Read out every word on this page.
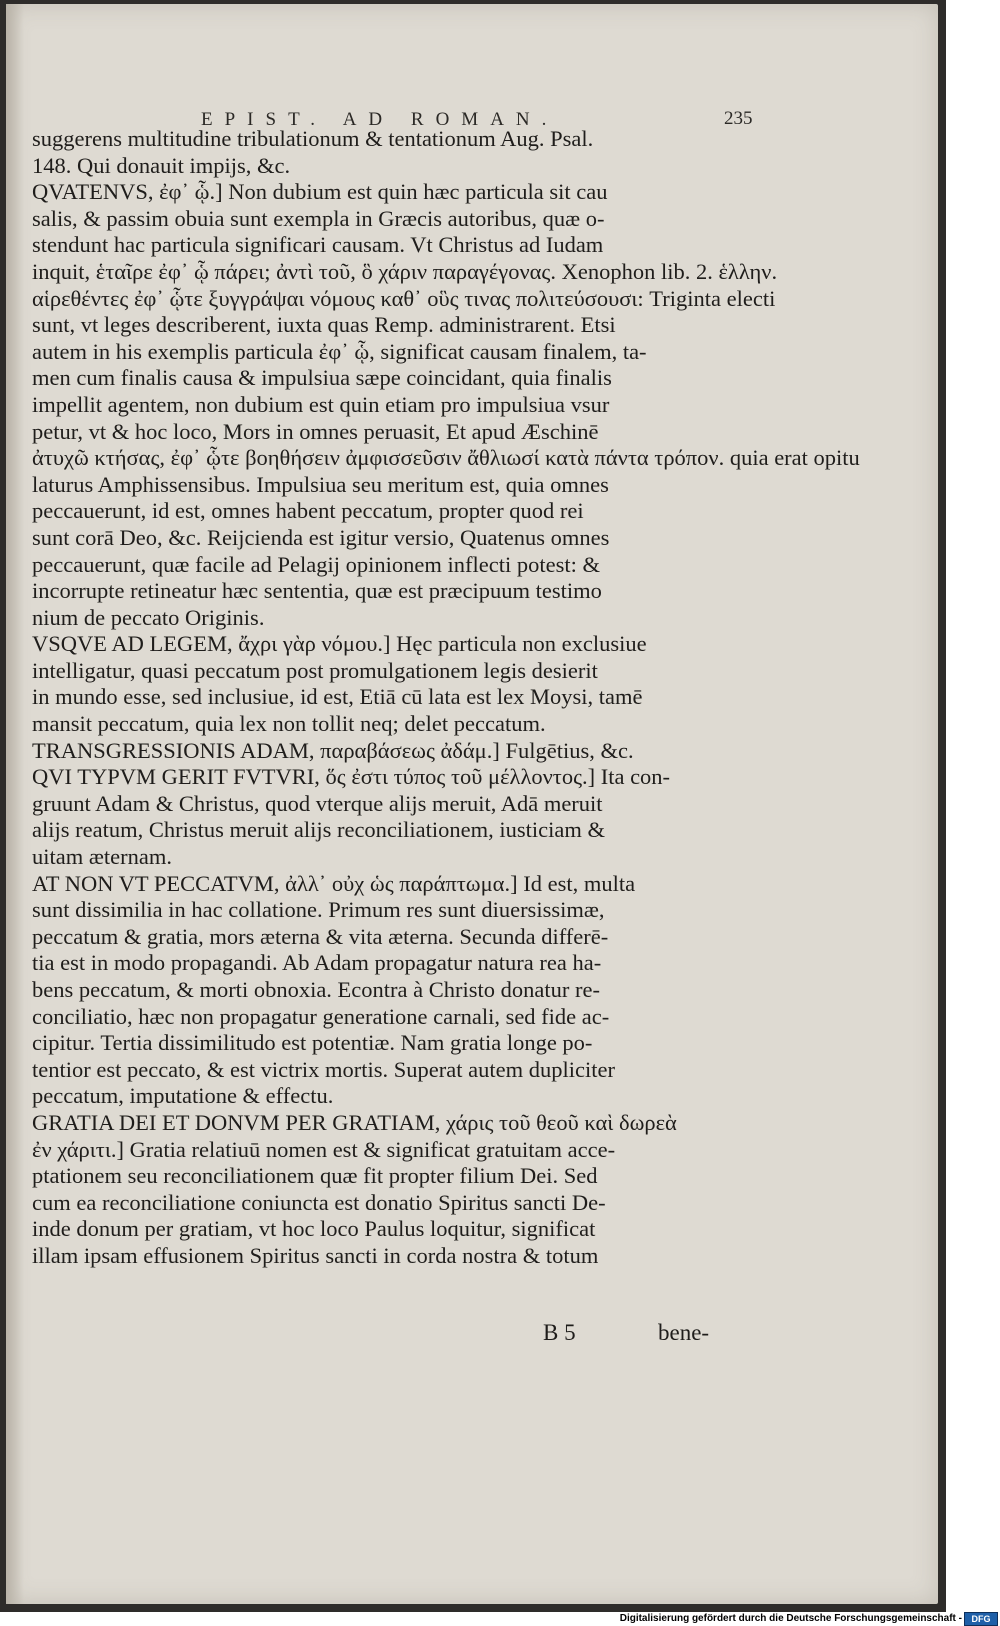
EPIST. AD ROMAN.	235
suggerens multitudine tribulationum & tentationum Aug. Psal.
148. Qui donauit impijs, &c.
QVATENVS, ἐφ᾽ ᾧ.] Non dubium est quin hæc particula sit cau
salis, & passim obuia sunt exempla in Græcis autoribus, quæ o-
stendunt hac particula significari causam. Vt Christus ad Iudam
inquit, ἑταῖρε ἐφ᾽ ᾧ πάρει; ἀντὶ τοῦ, ὃ χάριν παραγέγονας. Xenophon lib. 2. ἑλλην.
αἱρεθέντες ἐφ᾽ ᾧτε ξυγγράψαι νόμους καθ᾽ οὓς τινας πολιτεύσουσι: Triginta electi
sunt, vt leges describerent, iuxta quas Remp. administrarent. Etsi
autem in his exemplis particula ἐφ᾽ ᾧ, significat causam finalem, ta-
men cum finalis causa & impulsiua sæpe coincidant, quia finalis
impellit agentem, non dubium est quin etiam pro impulsiua vsur
petur, vt & hoc loco, Mors in omnes peruasit, Et apud Æschinē
ἀτυχῶ κτήσας, ἐφ᾽ ᾧτε βοηθήσειν ἀμφισσεῦσιν ἄθλιωσί κατὰ πάντα τρόπον. quia erat opitu
laturus Amphissensibus. Impulsiua seu meritum est, quia omnes
peccauerunt, id est, omnes habent peccatum, propter quod rei
sunt corā Deo, &c. Reijcienda est igitur versio, Quatenus omnes
peccauerunt, quæ facile ad Pelagij opinionem inflecti potest: &
incorrupte retineatur hæc sententia, quæ est præcipuum testimo
nium de peccato Originis.
VSQVE AD LEGEM, ἄχρι γὰρ νόμου.] Hęc particula non exclusiue
intelligatur, quasi peccatum post promulgationem legis desierit
in mundo esse, sed inclusiue, id est, Etiā cū lata est lex Moysi, tamē
mansit peccatum, quia lex non tollit neq; delet peccatum.
TRANSGRESSIONIS ADAM, παραβάσεως ἀδάμ.] Fulgētius, &c.
QVI TYPVM GERIT FVTVRI, ὅς ἐστι τύπος τοῦ μέλλοντος.] Ita con-
gruunt Adam & Christus, quod vterque alijs meruit, Adā meruit
alijs reatum, Christus meruit alijs reconciliationem, iusticiam &
uitam æternam.
AT NON VT PECCATVM, ἀλλ᾽ οὐχ ὡς παράπτωμα.] Id est, multa
sunt dissimilia in hac collatione. Primum res sunt diuersissimæ,
peccatum & gratia, mors æterna & vita æterna. Secunda differē-
tia est in modo propagandi. Ab Adam propagatur natura rea ha-
bens peccatum, & morti obnoxia. Econtra à Christo donatur re-
conciliatio, hæc non propagatur generatione carnali, sed fide ac-
cipitur. Tertia dissimilitudo est potentiæ. Nam gratia longe po-
tentior est peccato, & est victrix mortis. Superat autem dupliciter
peccatum, imputatione & effectu.
GRATIA DEI ET DONVM PER GRATIAM, χάρις τοῦ θεοῦ καὶ δωρεὰ
ἐν χάριτι.] Gratia relatiuū nomen est & significat gratuitam acce-
ptationem seu reconciliationem quæ fit propter filium Dei. Sed
cum ea reconciliatione coniuncta est donatio Spiritus sancti De-
inde donum per gratiam, vt hoc loco Paulus loquitur, significat
illam ipsam effusionem Spiritus sancti in corda nostra & totum
B 5	bene-
Digitalisierung gefördert durch die Deutsche Forschungsgemeinschaft -	DFG
